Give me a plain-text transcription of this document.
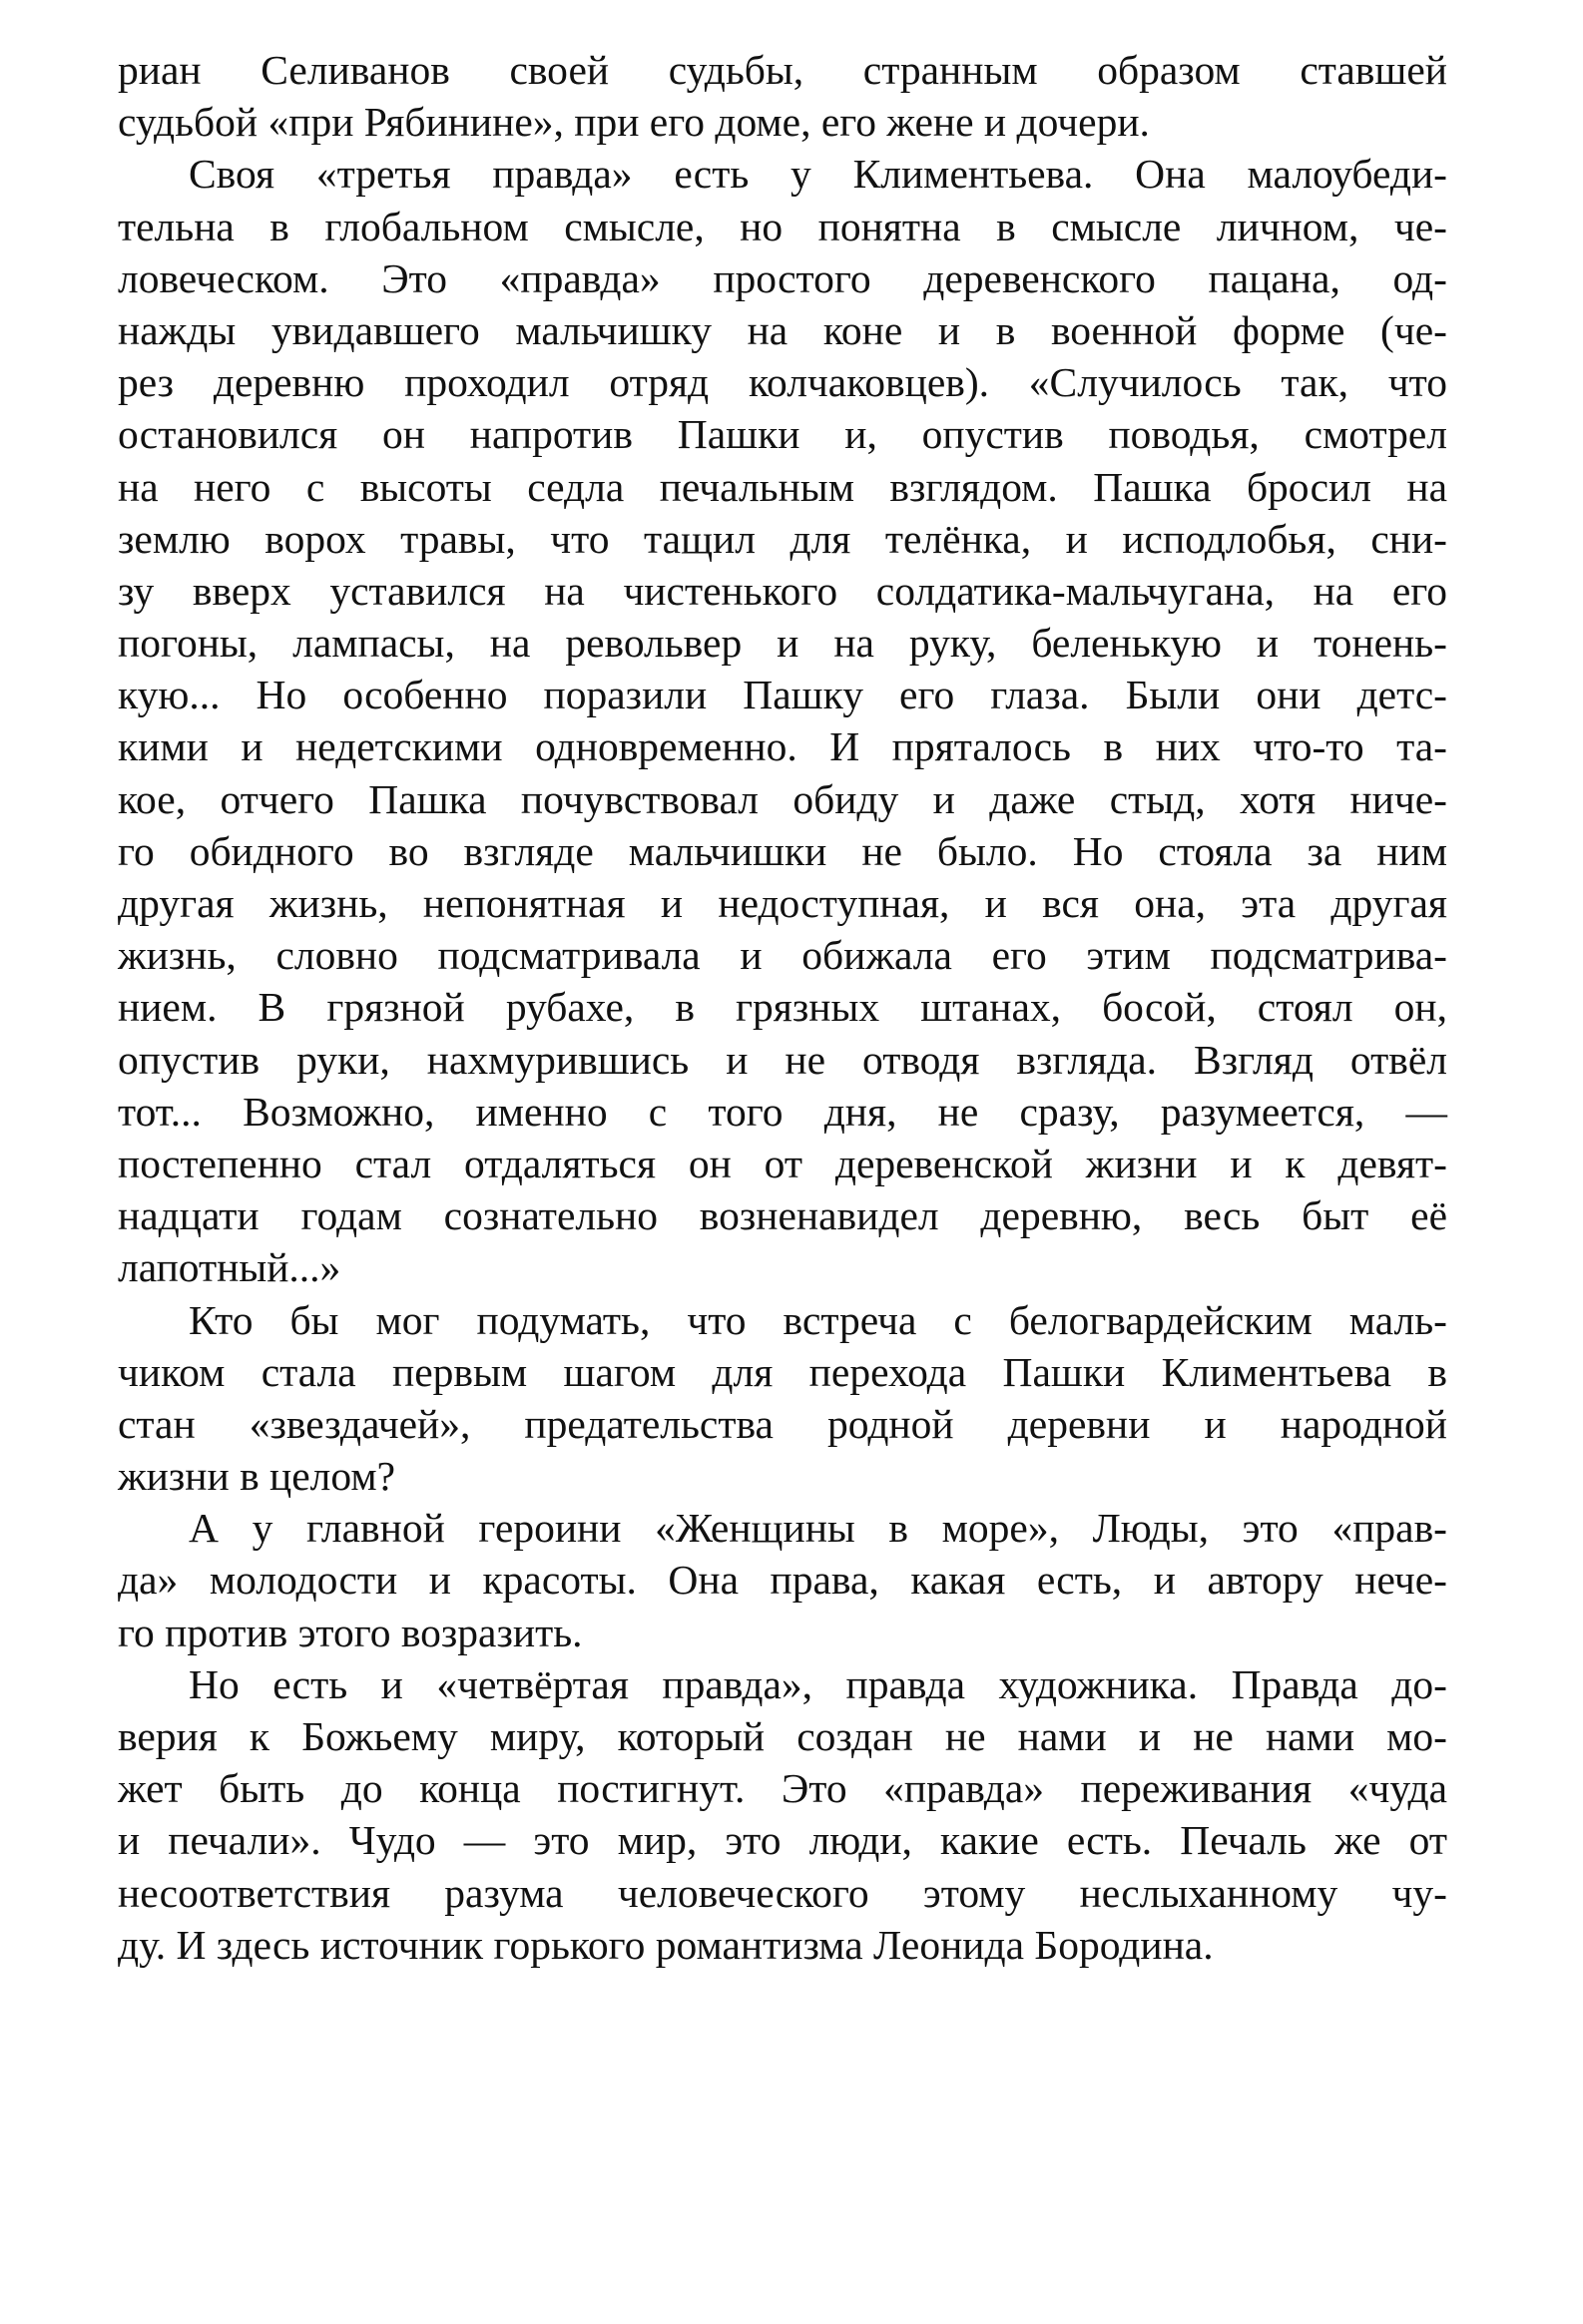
риан Селиванов своей судьбы, странным образом ставшей
судьбой «при Рябинине», при его доме, его жене и дочери.
Своя «третья правда» есть у Климентьева. Она малоубеди-
тельна в глобальном смысле, но понятна в смысле личном, че-
ловеческом. Это «правда» простого деревенского пацана, од-
нажды увидавшего мальчишку на коне и в военной форме (че-
рез деревню проходил отряд колчаковцев). «Случилось так, что
остановился он напротив Пашки и, опустив поводья, смотрел
на него с высоты седла печальным взглядом. Пашка бросил на
землю ворох травы, что тащил для телёнка, и исподлобья, сни-
зу вверх уставился на чистенького солдатика-мальчугана, на его
погоны, лампасы, на револьвер и на руку, беленькую и тонень-
кую... Но особенно поразили Пашку его глаза. Были они детс-
кими и недетскими одновременно. И пряталось в них что-то та-
кое, отчего Пашка почувствовал обиду и даже стыд, хотя ниче-
го обидного во взгляде мальчишки не было. Но стояла за ним
другая жизнь, непонятная и недоступная, и вся она, эта другая
жизнь, словно подсматривала и обижала его этим подсматрива-
нием. В грязной рубахе, в грязных штанах, босой, стоял он,
опустив руки, нахмурившись и не отводя взгляда. Взгляд отвёл
тот... Возможно, именно с того дня, не сразу, разумеется, —
постепенно стал отдаляться он от деревенской жизни и к девят-
надцати годам сознательно возненавидел деревню, весь быт её
лапотный...»
Кто бы мог подумать, что встреча с белогвардейским маль-
чиком стала первым шагом для перехода Пашки Климентьева в
стан «звездачей», предательства родной деревни и народной
жизни в целом?
А у главной героини «Женщины в море», Люды, это «прав-
да» молодости и красоты. Она права, какая есть, и автору нече-
го против этого возразить.
Но есть и «четвёртая правда», правда художника. Правда до-
верия к Божьему миру, который создан не нами и не нами мо-
жет быть до конца постигнут. Это «правда» переживания «чуда
и печали». Чудо — это мир, это люди, какие есть. Печаль же от
несоответствия разума человеческого этому неслыханному чу-
ду. И здесь источник горького романтизма Леонида Бородина.
